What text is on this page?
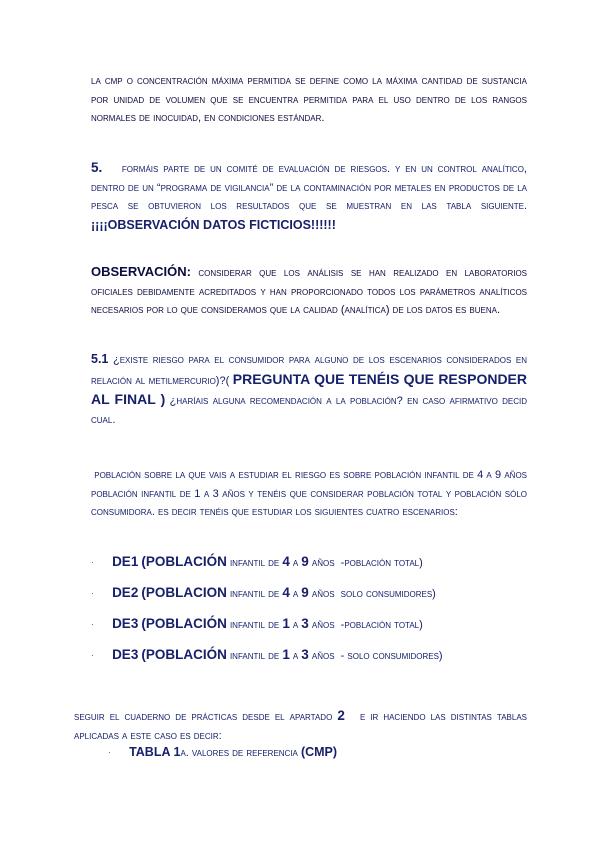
la cmp o concentración máxima permitida se define como la máxima cantidad de sustancia por unidad de volumen que se encuentra permitida para el uso dentro de los rangos normales de inocuidad, en condiciones estándar.
5. formáis parte de un comité de evaluación de riesgos. y en un control analítico, dentro de un “programa de vigilancia” de la contaminación por metales en productos de la pesca se obtuvieron los resultados que se muestran en las tabla siguiente. ¡¡¡¡OBSERVACIÓN DATOS FICTICIOS!!!!!!
OBSERVACIÓN: considerar que los análisis se han realizado en laboratorios oficiales debidamente acreditados y han proporcionado todos los parámetros analíticos necesarios por lo que consideramos que la calidad (analítica) de los datos es buena.
5.1 ¿existe riesgo para el consumidor para alguno de los escenarios considerados en relación al metilmercurio)?( PREGUNTA QUE TENÉIS QUE RESPONDER AL FINAL ) ¿haríais alguna recomendación a la población? en caso afirmativo decid cual.
población sobre la que vais a estudiar el riesgo es sobre población infantil de 4 a 9 años población infantil de 1 a 3 años y tenéis que considerar población total y población sólo consumidora. es decir tenéis que estudiar los siguientes cuatro escenarios:
· DE1 (POBLACIÓN infantil de 4 a 9 años -población total)
· DE2 (POBLACION infantil de 4 a 9 años solo consumidores)
· DE3 (POBLACIÓN infantil de 1 a 3 años -población total)
· DE3 (POBLACIÓN infantil de 1 a 3 años - solo consumidores)
seguir el cuaderno de prácticas desde el apartado 2 e ir haciendo las distintas tablas aplicadas a este caso es decir:
· TABLA 1a. valores de referencia (CMP)
